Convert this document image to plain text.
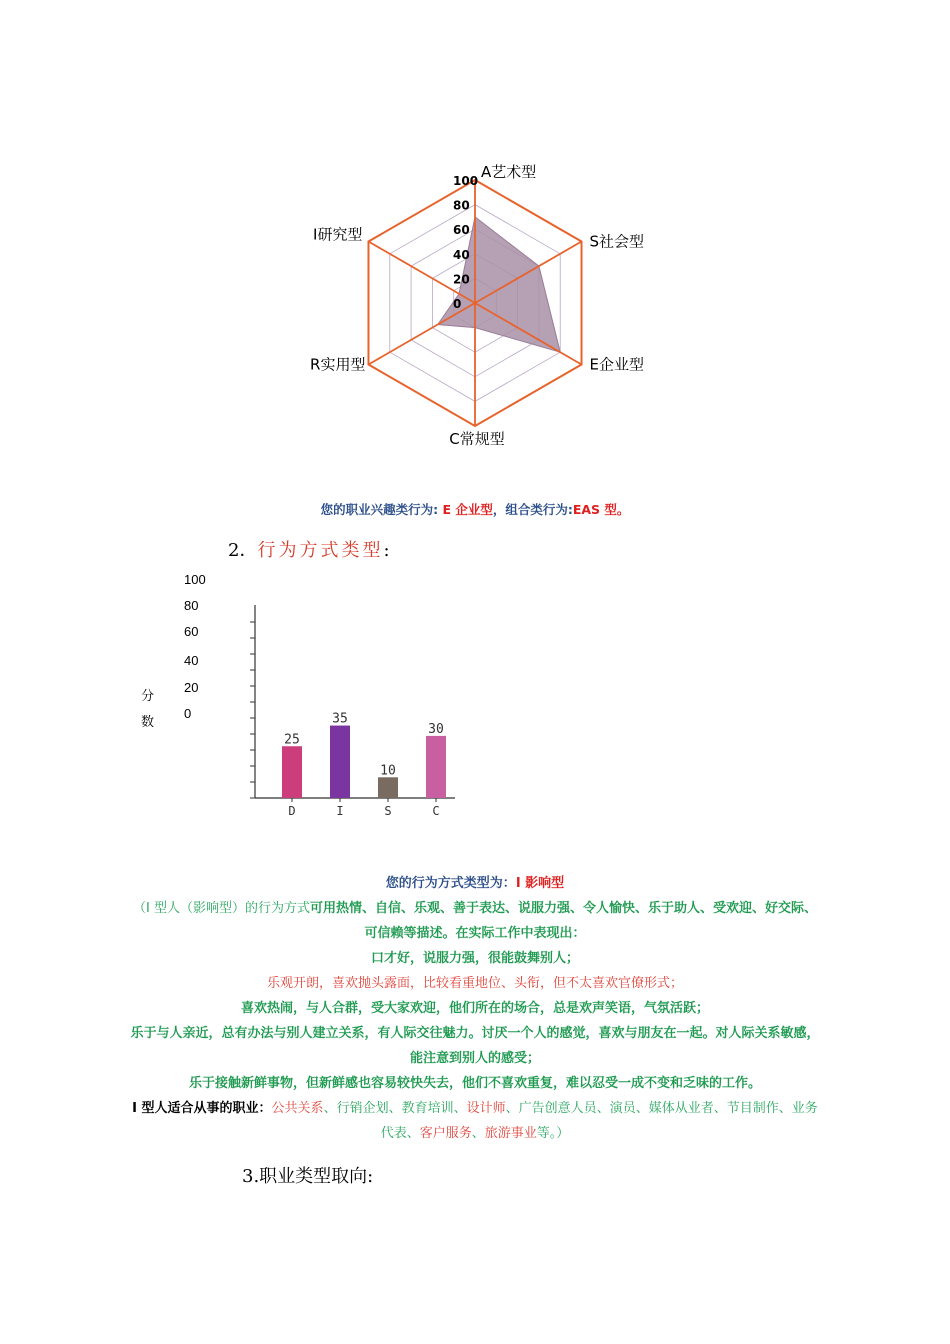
100
80
60
40
20
0
A艺术型
S社会型
E企业型
C常规型
R实用型
I研究型
您的职业兴趣类行为: E 企业型，组合类行为:EAS 型。
2．行为方式类型:
100
80
60
40
20
0
分
数
25
D
35
I
10
S
30
C
您的行为方式类型为：I 影响型
（I 型人（影响型）的行为方式可用热情、自信、乐观、善于表达、说服力强、令人愉快、乐于助人、受欢迎、好交际、可信赖等描述。在实际工作中表现出：
口才好，说服力强，很能鼓舞别人；
乐观开朗，喜欢抛头露面，比较看重地位、头衔，但不太喜欢官僚形式；
喜欢热闹，与人合群，受大家欢迎，他们所在的场合，总是欢声笑语，气氛活跃；
乐于与人亲近，总有办法与别人建立关系，有人际交往魅力。讨厌一个人的感觉，喜欢与朋友在一起。对人际关系敏感，能注意到别人的感受；
乐于接触新鲜事物，但新鲜感也容易较快失去，他们不喜欢重复，难以忍受一成不变和乏味的工作。
I 型人适合从事的职业：公共关系、行销企划、教育培训、设计师、广告创意人员、演员、媒体从业者、节目制作、业务代表、客户服务、旅游事业等。）
3.职业类型取向:
